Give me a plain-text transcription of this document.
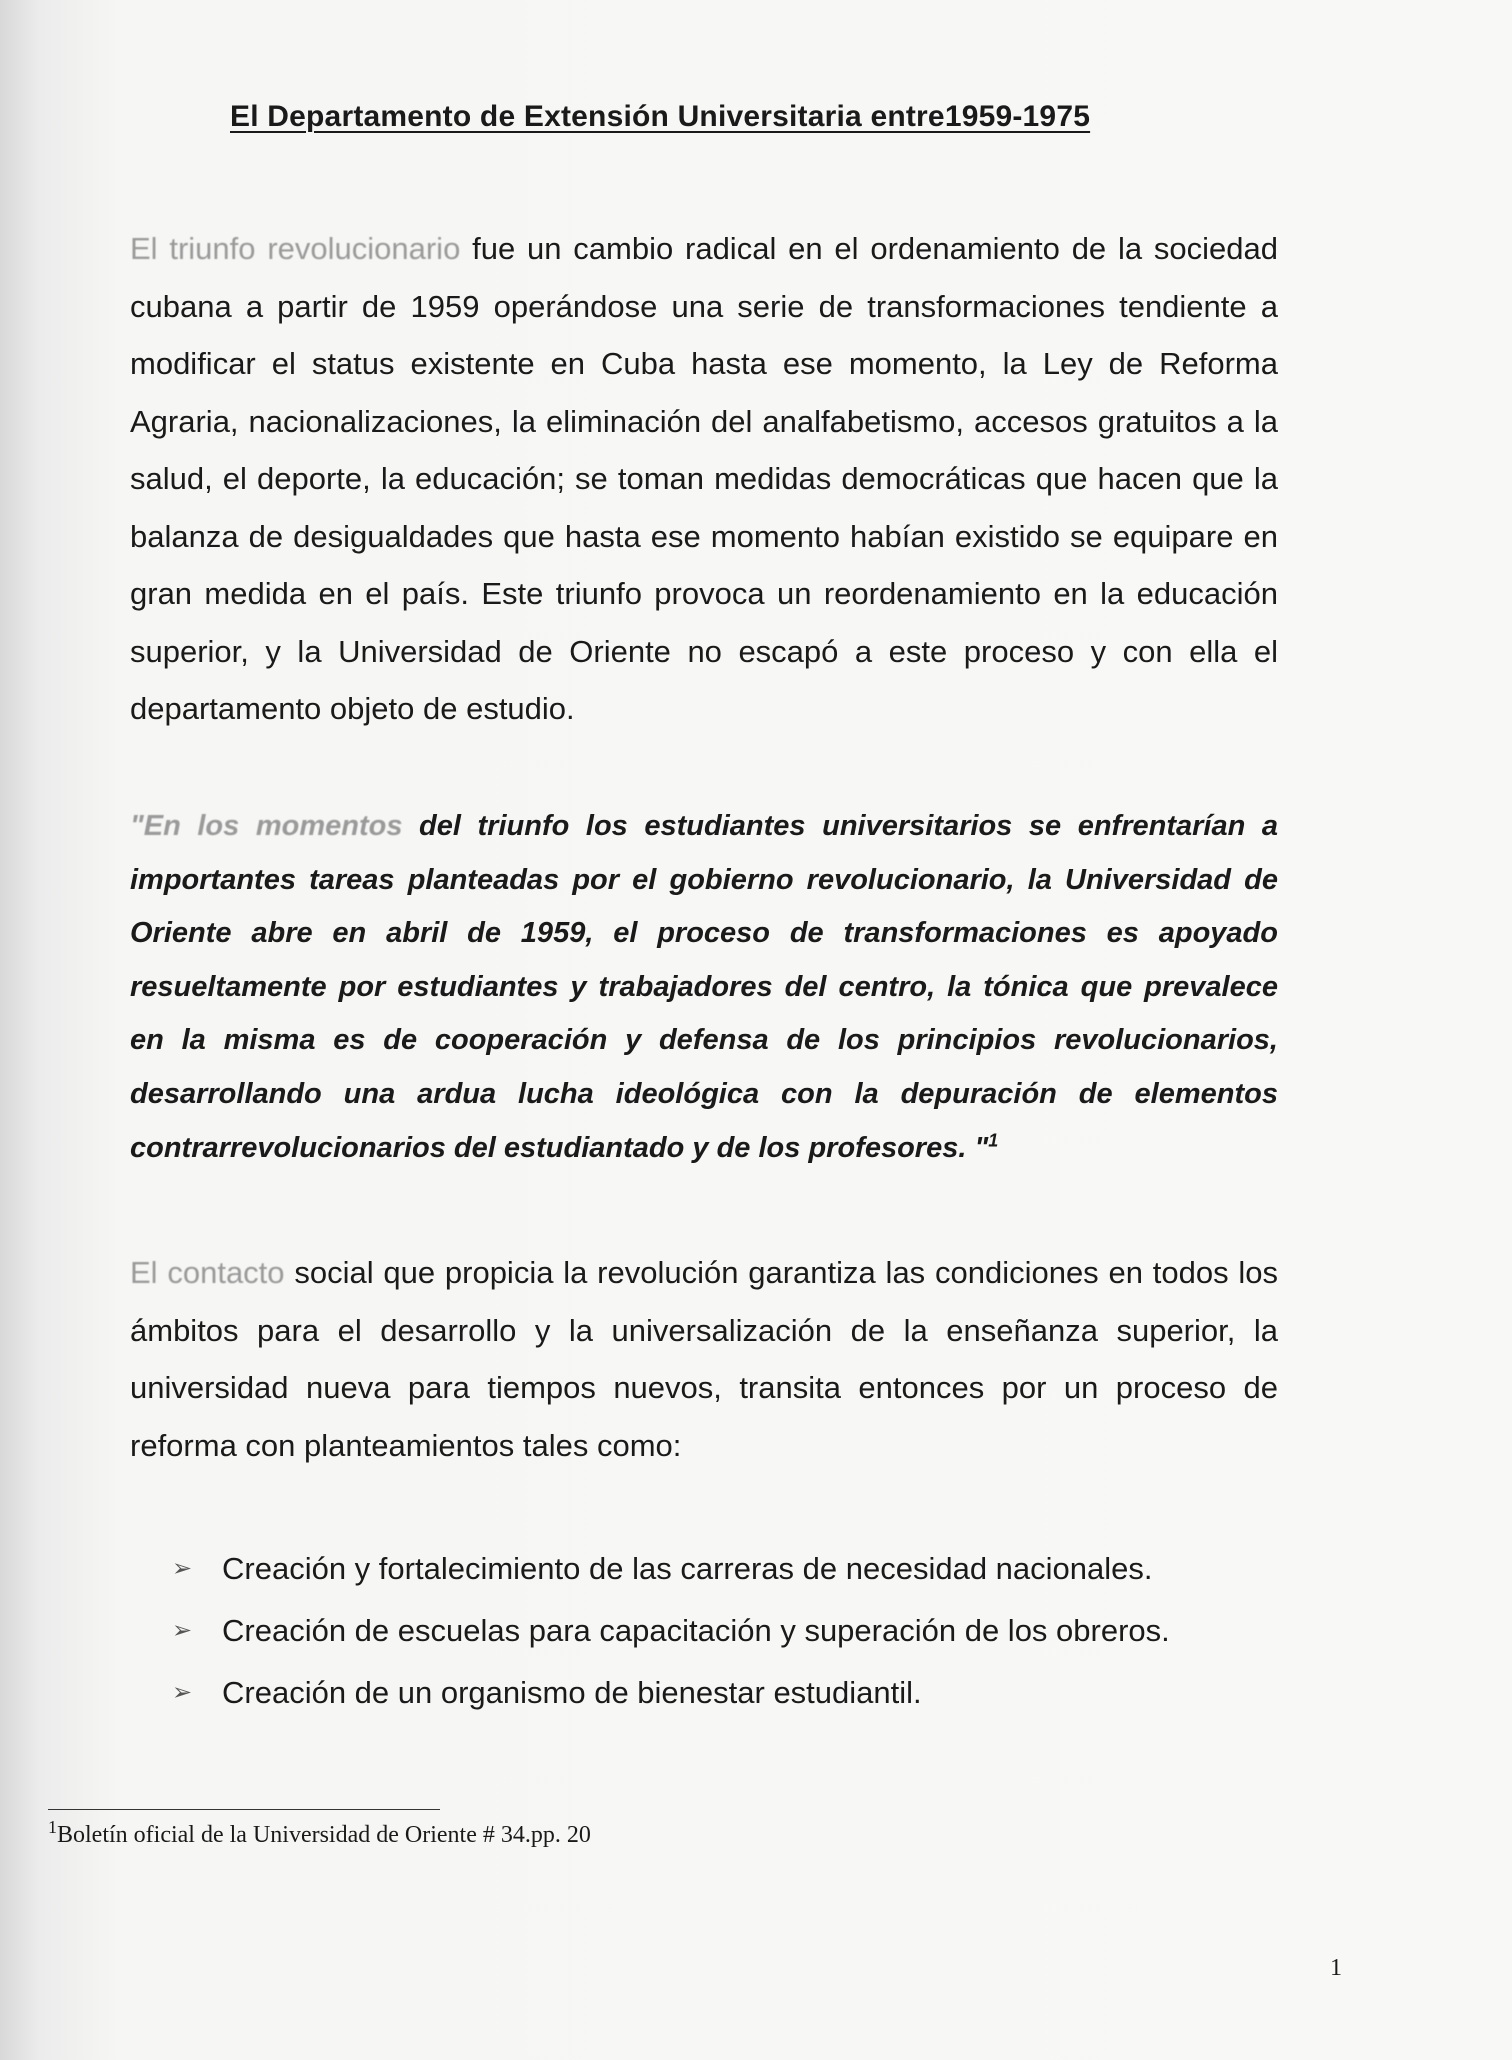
El Departamento de Extensión Universitaria entre1959-1975

El triunfo revolucionario fue un cambio radical en el ordenamiento de la sociedad cubana a partir de 1959 operándose una serie de transformaciones tendiente a modificar el status existente en Cuba hasta ese momento, la Ley de Reforma Agraria, nacionalizaciones, la eliminación del analfabetismo, accesos gratuitos a la salud, el deporte, la educación; se toman medidas democráticas que hacen que la balanza de desigualdades que hasta ese momento habían existido se equipare en gran medida en el país. Este triunfo provoca un reordenamiento en la educación superior, y la Universidad de Oriente no escapó a este proceso y con ella el departamento objeto de estudio.

"En los momentos del triunfo los estudiantes universitarios se enfrentarían a importantes tareas planteadas por el gobierno revolucionario, la Universidad de Oriente abre en abril de 1959, el proceso de transformaciones es apoyado resueltamente por estudiantes y trabajadores del centro, la tónica que prevalece en la misma es de cooperación y defensa de los principios revolucionarios, desarrollando una ardua lucha ideológica con la depuración de elementos contrarrevolucionarios del estudiantado y de los profesores. "$^1$

El contacto social que propicia la revolución garantiza las condiciones en todos los ámbitos para el desarrollo y la universalización de la enseñanza superior, la universidad nueva para tiempos nuevos, transita entonces por un proceso de reforma con planteamientos tales como:

➢ Creación y fortalecimiento de las carreras de necesidad nacionales.
➢ Creación de escuelas para capacitación y superación de los obreros.
➢ Creación de un organismo de bienestar estudiantil.
$^1$Boletín oficial de la Universidad de Oriente # 34.pp. 20
1
